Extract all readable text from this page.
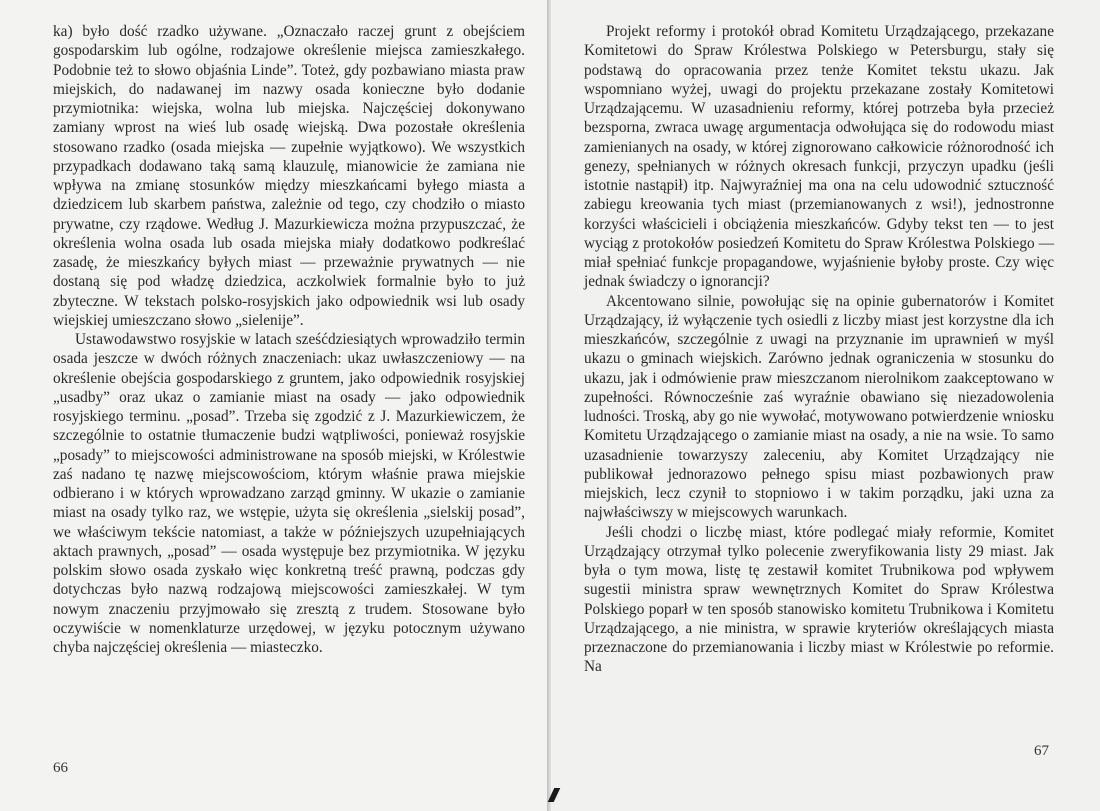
ka) było dość rzadko używane. „Oznaczało raczej grunt z obejściem gospodarskim lub ogólne, rodzajowe określenie miejsca zamieszkałego. Podobnie też to słowo objaśnia Linde”. Toteż, gdy pozbawiano miasta praw miejskich, do nadawanej im nazwy osada konieczne było dodanie przymiotnika: wiejska, wolna lub miejska. Najczęściej dokonywano zamiany wprost na wieś lub osadę wiejską. Dwa pozostałe określenia stosowano rzadko (osada miejska — zupełnie wyjątkowo). We wszystkich przypadkach dodawano taką samą klauzulę, mianowicie że zamiana nie wpływa na zmianę stosunków między mieszkańcami byłego miasta a dziedzicem lub skarbem państwa, zależnie od tego, czy chodziło o miasto prywatne, czy rządowe. Według J. Mazurkiewicza można przypuszczać, że określenia wolna osada lub osada miejska miały dodatkowo podkreślać zasadę, że mieszkańcy byłych miast — przeważnie prywatnych — nie dostaną się pod władzę dziedzica, aczkolwiek formalnie było to już zbyteczne. W tekstach polsko-rosyjskich jako odpowiednik wsi lub osady wiejskiej umieszczano słowo „sielenije”.

Ustawodawstwo rosyjskie w latach sześćdziesiątych wprowadziło termin osada jeszcze w dwóch różnych znaczeniach: ukaz uwłaszczeniowy — na określenie obejścia gospodarskiego z gruntem, jako odpowiednik rosyjskiej „usadby” oraz ukaz o zamianie miast na osady — jako odpowiednik rosyjskiego terminu. „posad”. Trzeba się zgodzić z J. Mazurkiewiczem, że szczególnie to ostatnie tłumaczenie budzi wątpliwości, ponieważ rosyjskie „posady” to miejscowości administrowane na sposób miejski, w Królestwie zaś nadano tę nazwę miejscowościom, którym właśnie prawa miejskie odbierano i w których wprowadzano zarząd gminny. W ukazie o zamianie miast na osady tylko raz, we wstępie, użyta się określenia „sielskij posad”, we właściwym tekście natomiast, a także w późniejszych uzupełniających aktach prawnych, „posad” — osada występuje bez przymiotnika. W języku polskim słowo osada zyskało więc konkretną treść prawną, podczas gdy dotychczas było nazwą rodzajową miejscowości zamieszkałej. W tym nowym znaczeniu przyjmowało się zresztą z trudem. Stosowane było oczywiście w nomenklaturze urzędowej, w języku potocznym używano chyba najczęściej określenia — miasteczko.

66

Projekt reformy i protokół obrad Komitetu Urządzającego, przekazane Komitetowi do Spraw Królestwa Polskiego w Petersburgu, stały się podstawą do opracowania przez tenże Komitet tekstu ukazu. Jak wspomniano wyżej, uwagi do projektu przekazane zostały Komitetowi Urządzającemu. W uzasadnieniu reformy, której potrzeba była przecież bezsporna, zwraca uwagę argumentacja odwołująca się do rodowodu miast zamienianych na osady, w której zignorowano całkowicie różnorodność ich genezy, spełnianych w różnych okresach funkcji, przyczyn upadku (jeśli istotnie nastąpił) itp. Najwyraźniej ma ona na celu udowodnić sztuczność zabiegu kreowania tych miast (przemianowanych z wsi!), jednostronne korzyści właścicieli i obciążenia mieszkańców. Gdyby tekst ten — to jest wyciąg z protokołów posiedzeń Komitetu do Spraw Królestwa Polskiego — miał spełniać funkcje propagandowe, wyjaśnienie byłoby proste. Czy więc jednak świadczy o ignorancji?

Akcentowano silnie, powołując się na opinie gubernatorów i Komitet Urządzający, iż wyłączenie tych osiedli z liczby miast jest korzystne dla ich mieszkańców, szczególnie z uwagi na przyznanie im uprawnień w myśl ukazu o gminach wiejskich. Zarówno jednak ograniczenia w stosunku do ukazu, jak i odmówienie praw mieszczanom nierolnikom zaakceptowano w zupełności. Równocześnie zaś wyraźnie obawiano się niezadowolenia ludności. Troską, aby go nie wywołać, motywowano potwierdzenie wniosku Komitetu Urządzającego o zamianie miast na osady, a nie na wsie. To samo uzasadnienie towarzyszy zaleceniu, aby Komitet Urządzający nie publikował jednorazowo pełnego spisu miast pozbawionych praw miejskich, lecz czynił to stopniowo i w takim porządku, jaki uzna za najwłaściwszy w miejscowych warunkach.

Jeśli chodzi o liczbę miast, które podlegać miały reformie, Komitet Urządzający otrzymał tylko polecenie zweryfikowania listy 29 miast. Jak była o tym mowa, listę tę zestawił komitet Trubnikowa pod wpływem sugestii ministra spraw wewnętrznych Komitet do Spraw Królestwa Polskiego poparł w ten sposób stanowisko komitetu Trubnikowa i Komitetu Urządzającego, a nie ministra, w sprawie kryteriów określających miasta przeznaczone do przemianowania i liczby miast w Królestwie po reformie. Na

67
